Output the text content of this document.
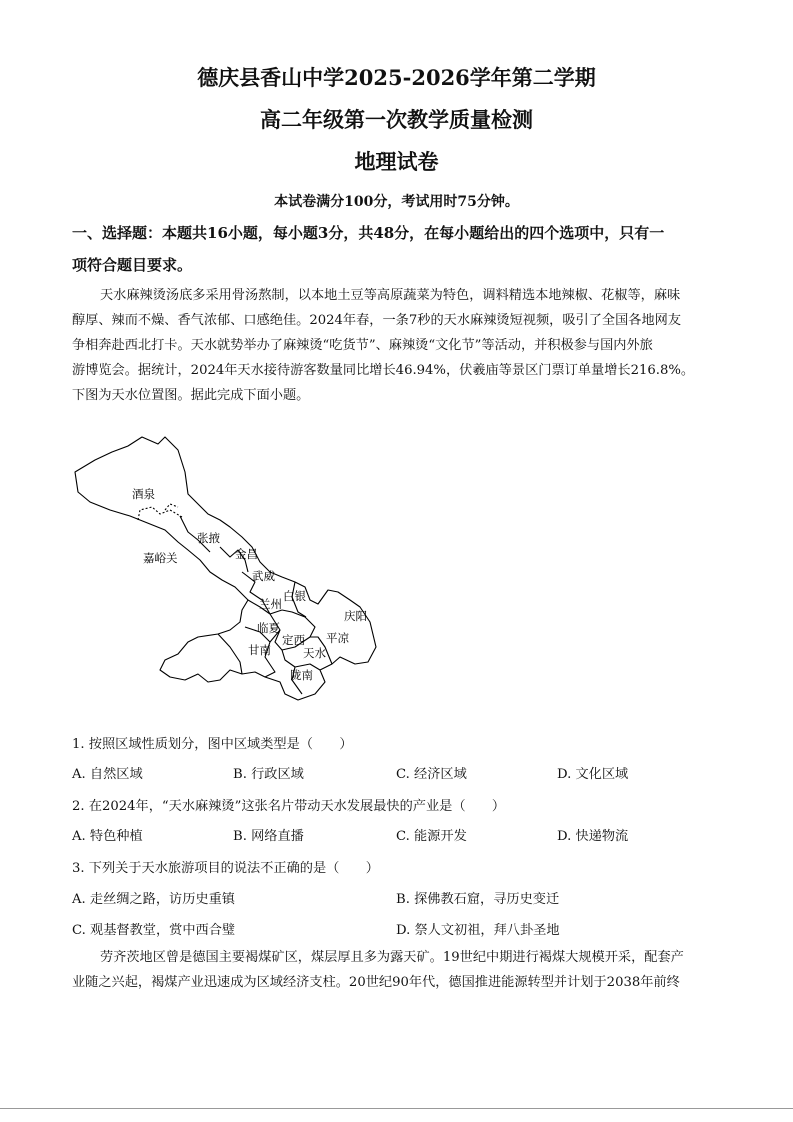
德庆县香山中学2025-2026学年第二学期
高二年级第一次教学质量检测
地理试卷
本试卷满分100分，考试用时75分钟。
一、选择题：本题共16小题，每小题3分，共48分，在每小题给出的四个选项中，只有一
项符合题目要求。
天水麻辣烫汤底多采用骨汤熬制，以本地土豆等高原蔬菜为特色，调料精选本地辣椒、花椒等，麻味
醇厚、辣而不燥、香气浓郁、口感绝佳。2024年春，一条7秒的天水麻辣烫短视频，吸引了全国各地网友
争相奔赴西北打卡。天水就势举办了麻辣烫“吃货节”、麻辣烫“文化节”等活动，并积极参与国内外旅
游博览会。据统计，2024年天水接待游客数量同比增长46.94%，伏羲庙等景区门票订单量增长216.8%。
下图为天水位置图。据此完成下面小题。
酒泉
嘉峪关
张掖
金昌
武威
兰州
白银
庆阳
临夏
定西 平凉
甘南	天水
陇南
1. 按照区域性质划分，图中区域类型是（　　）
A. 自然区域	B. 行政区域	C. 经济区域	D. 文化区域
2. 在2024年，“天水麻辣烫”这张名片带动天水发展最快的产业是（　　）
A. 特色种植	B. 网络直播	C. 能源开发	D. 快递物流
3. 下列关于天水旅游项目的说法不正确的是（　　）
A. 走丝绸之路，访历史重镇	B. 探佛教石窟，寻历史变迁
C. 观基督教堂，赏中西合璧	D. 祭人文初祖，拜八卦圣地
劳齐茨地区曾是德国主要褐煤矿区，煤层厚且多为露天矿。19世纪中期进行褐煤大规模开采，配套产
业随之兴起，褐煤产业迅速成为区域经济支柱。20世纪90年代，德国推进能源转型并计划于2038年前终
